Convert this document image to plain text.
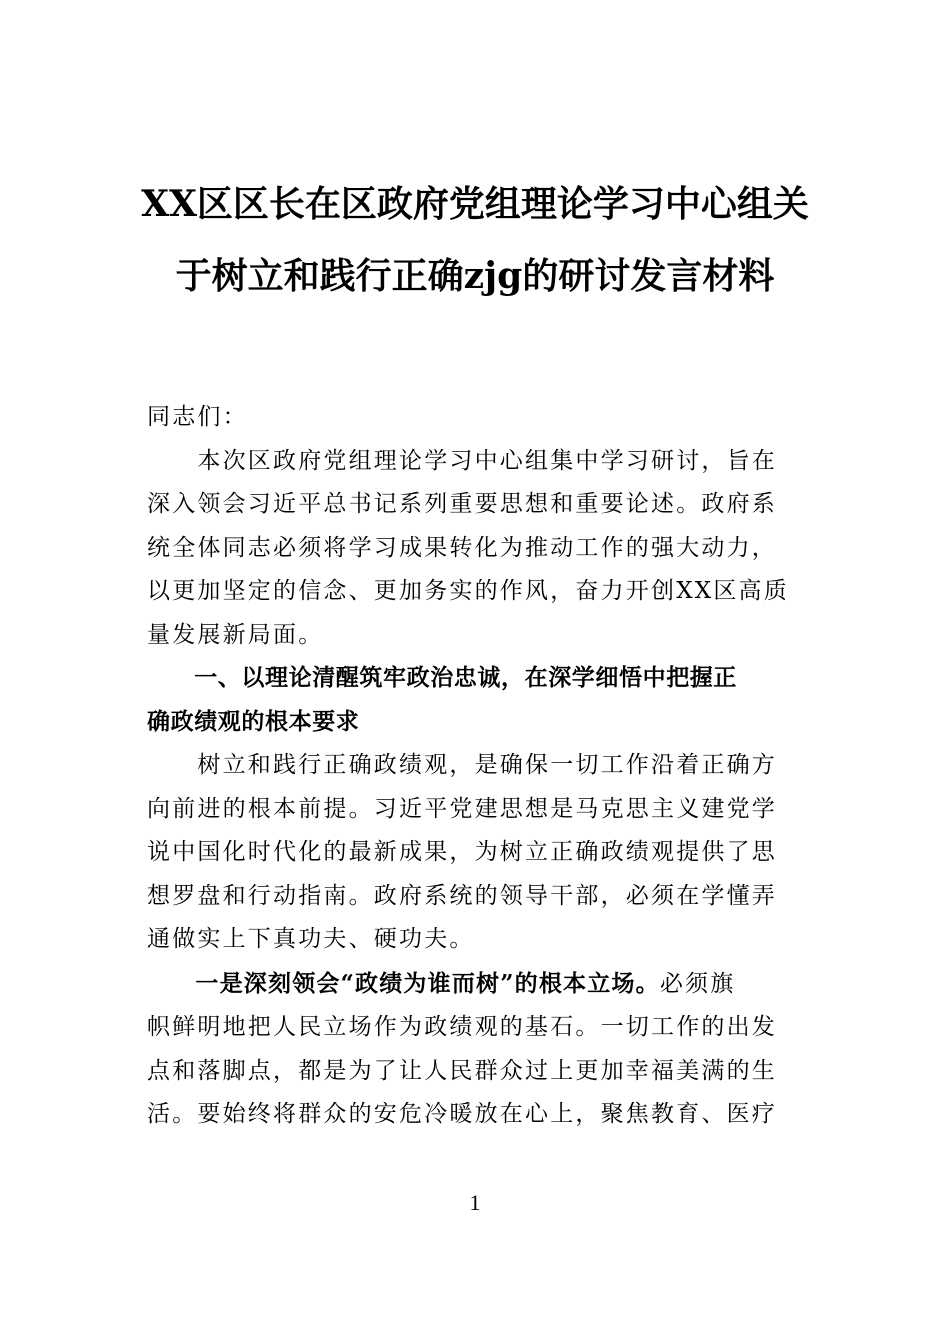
XX区区长在区政府党组理论学习中心组关
于树立和践行正确zjg的研讨发言材料

同志们：

　　本次区政府党组理论学习中心组集中学习研讨，旨在
深入领会习近平总书记系列重要思想和重要论述。政府系
统全体同志必须将学习成果转化为推动工作的强大动力，
以更加坚定的信念、更加务实的作风，奋力开创XX区高质
量发展新局面。

　　一、以理论清醒筑牢政治忠诚，在深学细悟中把握正
确政绩观的根本要求

　　树立和践行正确政绩观，是确保一切工作沿着正确方
向前进的根本前提。习近平党建思想是马克思主义建党学
说中国化时代化的最新成果，为树立正确政绩观提供了思
想罗盘和行动指南。政府系统的领导干部，必须在学懂弄
通做实上下真功夫、硬功夫。

　　一是深刻领会“政绩为谁而树”的根本立场。必须旗
帜鲜明地把人民立场作为政绩观的基石。一切工作的出发
点和落脚点，都是为了让人民群众过上更加幸福美满的生
活。要始终将群众的安危冷暖放在心上，聚焦教育、医疗

1
